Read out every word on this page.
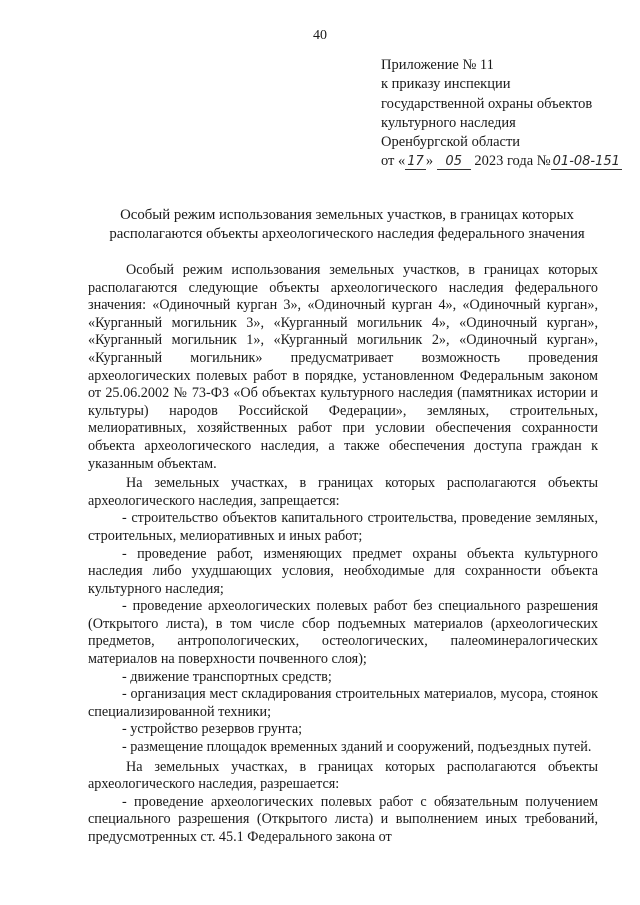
40
Приложение № 11
к приказу инспекции
государственной охраны объектов
культурного наследия
Оренбургской области
от « 17 » 05 2023 года № 01-08-151
Особый режим использования земельных участков, в границах которых располагаются объекты археологического наследия федерального значения

Особый режим использования земельных участков, в границах которых располагаются следующие объекты археологического наследия федерального значения: «Одиночный курган 3», «Одиночный курган 4», «Одиночный курган», «Курганный могильник 3», «Курганный могильник 4», «Одиночный курган», «Курганный могильник 1», «Курганный могильник 2», «Одиночный курган», «Курганный могильник» предусматривает возможность проведения археологических полевых работ в порядке, установленном Федеральным законом от 25.06.2002 № 73-ФЗ «Об объектах культурного наследия (памятниках истории и культуры) народов Российской Федерации», земляных, строительных, мелиоративных, хозяйственных работ при условии обеспечения сохранности объекта археологического наследия, а также обеспечения доступа граждан к указанным объектам.

На земельных участках, в границах которых располагаются объекты археологического наследия, запрещается:

- строительство объектов капитального строительства, проведение земляных, строительных, мелиоративных и иных работ;

- проведение работ, изменяющих предмет охраны объекта культурного наследия либо ухудшающих условия, необходимые для сохранности объекта культурного наследия;

- проведение археологических полевых работ без специального разрешения (Открытого листа), в том числе сбор подъемных материалов (археологических предметов, антропологических, остеологических, палеоминералогических материалов на поверхности почвенного слоя);

- движение транспортных средств;

- организация мест складирования строительных материалов, мусора, стоянок специализированной техники;

- устройство резервов грунта;

- размещение площадок временных зданий и сооружений, подъездных путей.

На земельных участках, в границах которых располагаются объекты археологического наследия, разрешается:

- проведение археологических полевых работ с обязательным получением специального разрешения (Открытого листа) и выполнением иных требований, предусмотренных ст. 45.1 Федерального закона от
